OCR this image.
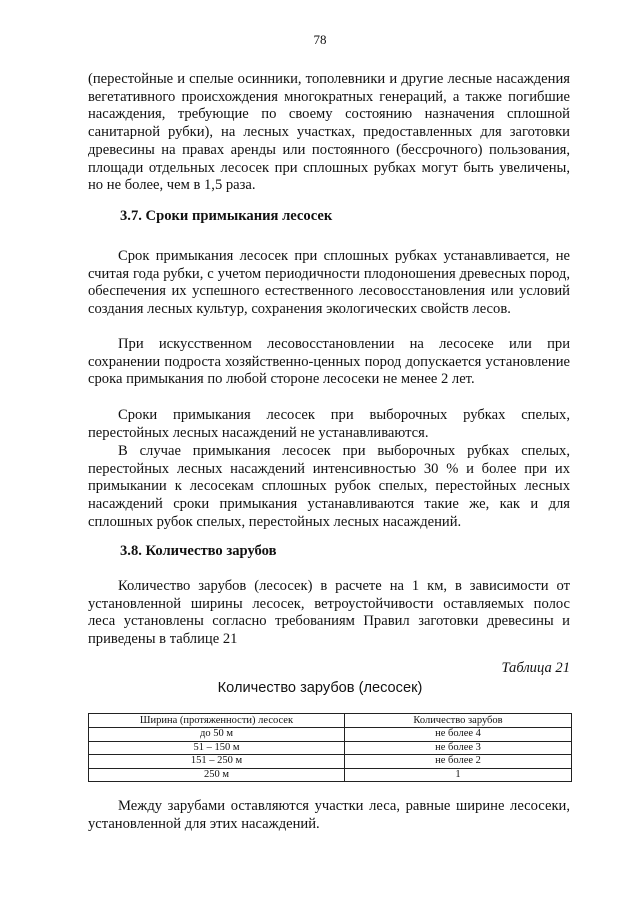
78

(перестойные и спелые осинники, тополевники и другие лесные насаждения вегетативного происхождения многократных генераций, а также погибшие насаждения, требующие по своему состоянию назначения сплошной санитарной рубки), на лесных участках, предоставленных для заготовки древесины на правах аренды или постоянного (бессрочного) пользования, площади отдельных лесосек при сплошных рубках могут быть увеличены, но не более, чем в 1,5 раза.

3.7. Сроки примыкания лесосек

Срок примыкания лесосек при сплошных рубках устанавливается, не считая года рубки, с учетом периодичности плодоношения древесных пород, обеспечения их успешного естественного лесовосстановления или условий создания лесных культур, сохранения экологических свойств лесов.

При искусственном лесовосстановлении на лесосеке или при сохранении подроста хозяйственно-ценных пород допускается установление срока примыкания по любой стороне лесосеки не менее 2 лет.

Сроки примыкания лесосек при выборочных рубках спелых, перестойных лесных насаждений не устанавливаются.

В случае примыкания лесосек при выборочных рубках спелых, перестойных лесных насаждений интенсивностью 30 % и более при их примыкании к лесосекам сплошных рубок спелых, перестойных лесных насаждений сроки примыкания устанавливаются такие же, как и для сплошных рубок спелых, перестойных лесных насаждений.

3.8. Количество зарубов

Количество зарубов (лесосек) в расчете на 1 км, в зависимости от установленной ширины лесосек, ветроустойчивости оставляемых полос леса установлены согласно требованиям Правил заготовки древесины и приведены в таблице 21

Таблица 21
Количество зарубов (лесосек)
Ширина (протяженности) лесосек	Количество зарубов
до 50 м	не более 4
51 – 150 м	не более 3
151 – 250 м	не более 2
250 м	1

Между зарубами оставляются участки леса, равные ширине лесосеки, установленной для этих насаждений.
